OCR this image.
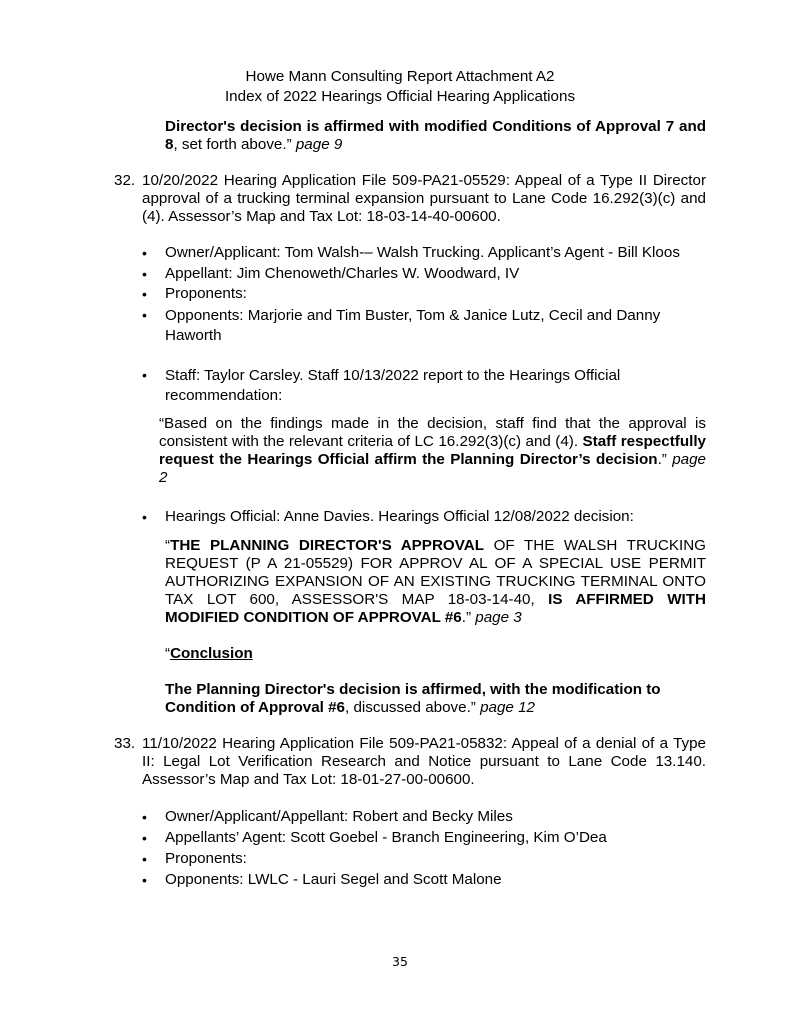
Howe Mann Consulting Report Attachment A2
Index of 2022 Hearings Official Hearing Applications
Director's decision is affirmed with modified Conditions of Approval 7 and 8, set forth above.” page 9
32. 10/20/2022 Hearing Application File 509-PA21-05529: Appeal of a Type II Director approval of a trucking terminal expansion pursuant to Lane Code 16.292(3)(c) and (4). Assessor’s Map and Tax Lot: 18-03-14-40-00600.
•
Owner/Applicant: Tom Walsh-– Walsh Trucking. Applicant’s Agent - Bill Kloos
•
Appellant: Jim Chenoweth/Charles W. Woodward, IV
•
Proponents:
•
Opponents: Marjorie and Tim Buster, Tom & Janice Lutz, Cecil and Danny Haworth
•
Staff: Taylor Carsley. Staff 10/13/2022 report to the Hearings Official recommendation:
“Based on the findings made in the decision, staff find that the approval is consistent with the relevant criteria of LC 16.292(3)(c) and (4). Staff respectfully request the Hearings Official affirm the Planning Director’s decision.” page 2
•
Hearings Official: Anne Davies. Hearings Official 12/08/2022 decision:
“THE PLANNING DIRECTOR'S APPROVAL OF THE WALSH TRUCKING REQUEST (P A 21-05529) FOR APPROV AL OF A SPECIAL USE PERMIT AUTHORIZING EXPANSION OF AN EXISTING TRUCKING TERMINAL ONTO TAX LOT 600, ASSESSOR'S MAP 18-03-14-40, IS AFFIRMED WITH MODIFIED CONDITION OF APPROVAL #6.” page 3
“Conclusion
The Planning Director's decision is affirmed, with the modification to Condition of Approval #6, discussed above.” page 12
33. 11/10/2022 Hearing Application File 509-PA21-05832: Appeal of a denial of a Type II: Legal Lot Verification Research and Notice pursuant to Lane Code 13.140. Assessor’s Map and Tax Lot: 18-01-27-00-00600.
•
Owner/Applicant/Appellant: Robert and Becky Miles
•
Appellants’ Agent: Scott Goebel - Branch Engineering, Kim O’Dea
•
Proponents:
•
Opponents: LWLC - Lauri Segel and Scott Malone
35
